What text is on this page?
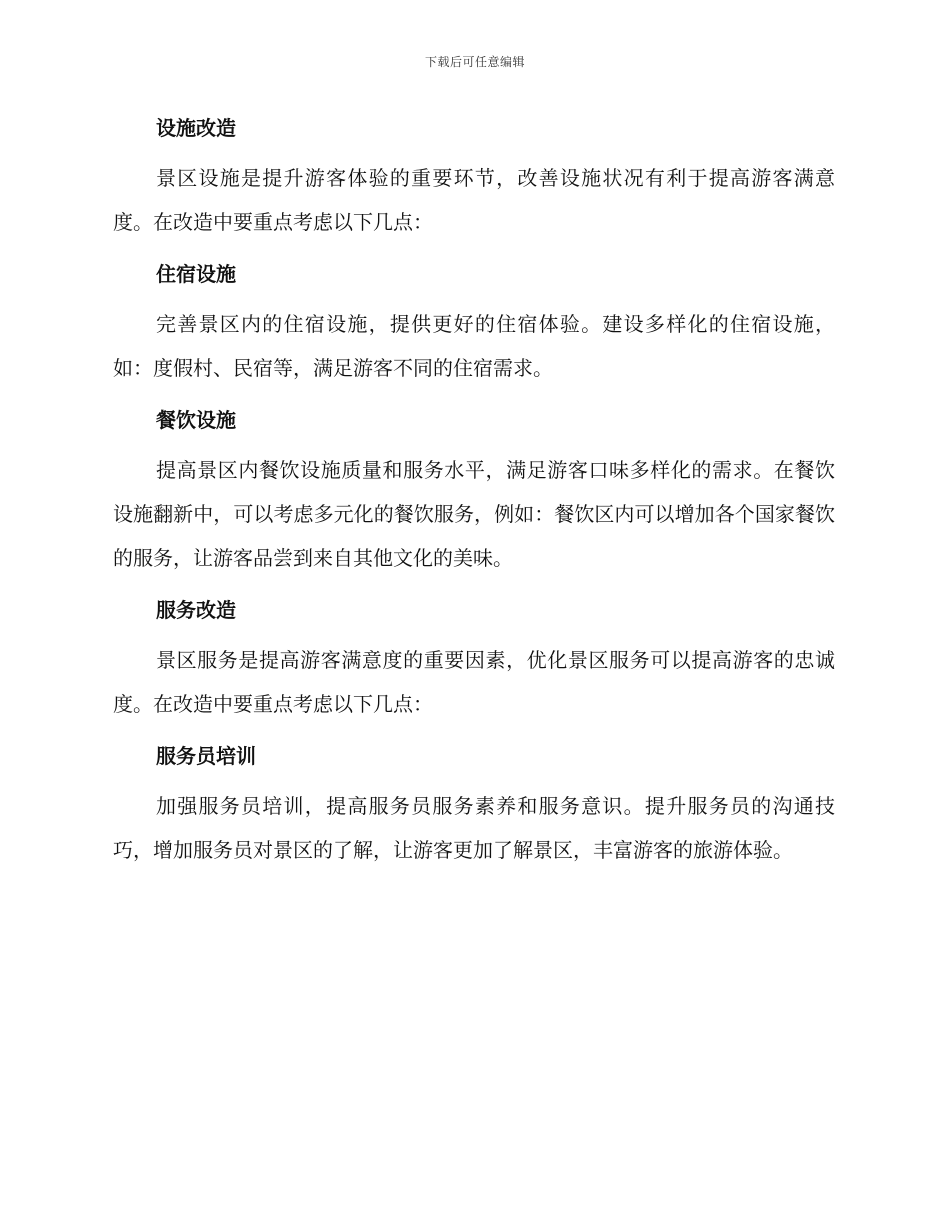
下载后可任意编辑
设施改造

景区设施是提升游客体验的重要环节，改善设施状况有利于提高游客满意度。在改造中要重点考虑以下几点：

住宿设施

完善景区内的住宿设施，提供更好的住宿体验。建设多样化的住宿设施，如：度假村、民宿等，满足游客不同的住宿需求。

餐饮设施

提高景区内餐饮设施质量和服务水平，满足游客口味多样化的需求。在餐饮设施翻新中，可以考虑多元化的餐饮服务，例如：餐饮区内可以增加各个国家餐饮的服务，让游客品尝到来自其他文化的美味。

服务改造

景区服务是提高游客满意度的重要因素，优化景区服务可以提高游客的忠诚度。在改造中要重点考虑以下几点：

服务员培训

加强服务员培训，提高服务员服务素养和服务意识。提升服务员的沟通技巧，增加服务员对景区的了解，让游客更加了解景区，丰富游客的旅游体验。
